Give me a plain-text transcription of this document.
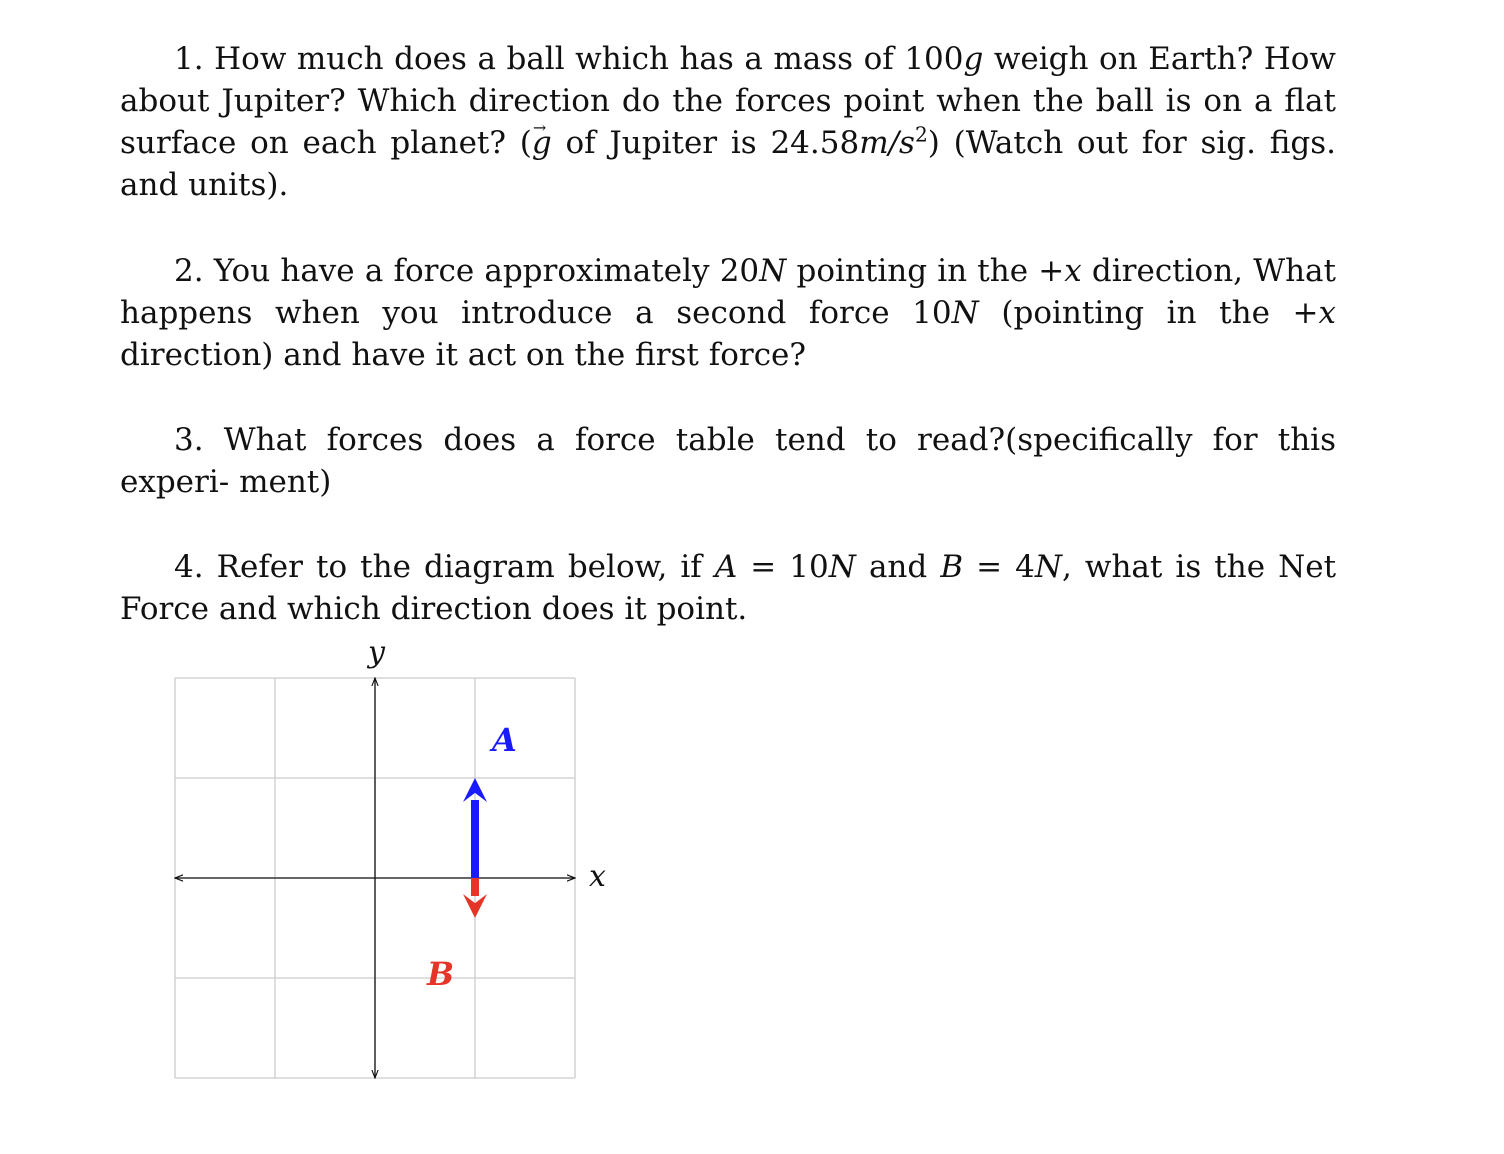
1. How much does a ball which has a mass of 100g weigh on Earth? How about Jupiter? Which direction do the forces point when the ball is on a flat surface on each planet? (→ g of Jupiter is $24.58m/s^2$) (Watch out for sig. figs. and units).
2. You have a force approximately 20N pointing in the +x direction, What happens when you introduce a second force 10N (pointing in the +x direction) and have it act on the first force?
3. What forces does a force table tend to read?(specifically for this experi- ment)
4. Refer to the diagram below, if A = 10N and B = 4N, what is the Net Force and which direction does it point.
y
x
A
B
